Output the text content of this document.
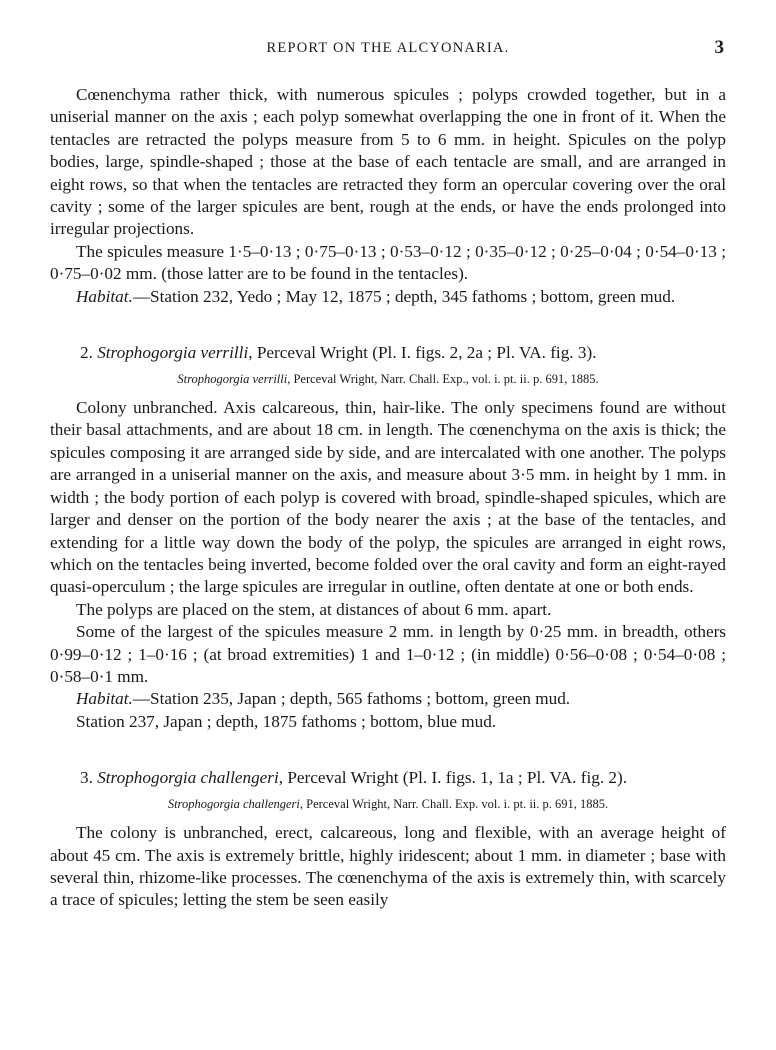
REPORT ON THE ALCYONARIA.	3

Cœnenchyma rather thick, with numerous spicules ; polyps crowded together, but in a uniserial manner on the axis ; each polyp somewhat overlapping the one in front of it. When the tentacles are retracted the polyps measure from 5 to 6 mm. in height. Spicules on the polyp bodies, large, spindle-shaped ; those at the base of each tentacle are small, and are arranged in eight rows, so that when the tentacles are retracted they form an opercular covering over the oral cavity ; some of the larger spicules are bent, rough at the ends, or have the ends prolonged into irregular projections.

The spicules measure 1·5–0·13 ; 0·75–0·13 ; 0·53–0·12 ; 0·35–0·12 ; 0·25–0·04 ; 0·54–0·13 ; 0·75–0·02 mm. (those latter are to be found in the tentacles).

Habitat.—Station 232, Yedo ; May 12, 1875 ; depth, 345 fathoms ; bottom, green mud.

2. Strophogorgia verrilli, Perceval Wright (Pl. I. figs. 2, 2a ; Pl. VA. fig. 3).

Strophogorgia verrilli, Perceval Wright, Narr. Chall. Exp., vol. i. pt. ii. p. 691, 1885.

Colony unbranched. Axis calcareous, thin, hair-like. The only specimens found are without their basal attachments, and are about 18 cm. in length. The cœnenchyma on the axis is thick; the spicules composing it are arranged side by side, and are intercalated with one another. The polyps are arranged in a uniserial manner on the axis, and measure about 3·5 mm. in height by 1 mm. in width ; the body portion of each polyp is covered with broad, spindle-shaped spicules, which are larger and denser on the portion of the body nearer the axis ; at the base of the tentacles, and extending for a little way down the body of the polyp, the spicules are arranged in eight rows, which on the tentacles being inverted, become folded over the oral cavity and form an eight-rayed quasi-operculum ; the large spicules are irregular in outline, often dentate at one or both ends.

The polyps are placed on the stem, at distances of about 6 mm. apart.

Some of the largest of the spicules measure 2 mm. in length by 0·25 mm. in breadth, others 0·99–0·12 ; 1–0·16 ; (at broad extremities) 1 and 1–0·12 ; (in middle) 0·56–0·08 ; 0·54–0·08 ; 0·58–0·1 mm.

Habitat.—Station 235, Japan ; depth, 565 fathoms ; bottom, green mud.

Station 237, Japan ; depth, 1875 fathoms ; bottom, blue mud.

3. Strophogorgia challengeri, Perceval Wright (Pl. I. figs. 1, 1a ; Pl. VA. fig. 2).

Strophogorgia challengeri, Perceval Wright, Narr. Chall. Exp. vol. i. pt. ii. p. 691, 1885.

The colony is unbranched, erect, calcareous, long and flexible, with an average height of about 45 cm. The axis is extremely brittle, highly iridescent; about 1 mm. in diameter ; base with several thin, rhizome-like processes. The cœnenchyma of the axis is extremely thin, with scarcely a trace of spicules; letting the stem be seen easily
